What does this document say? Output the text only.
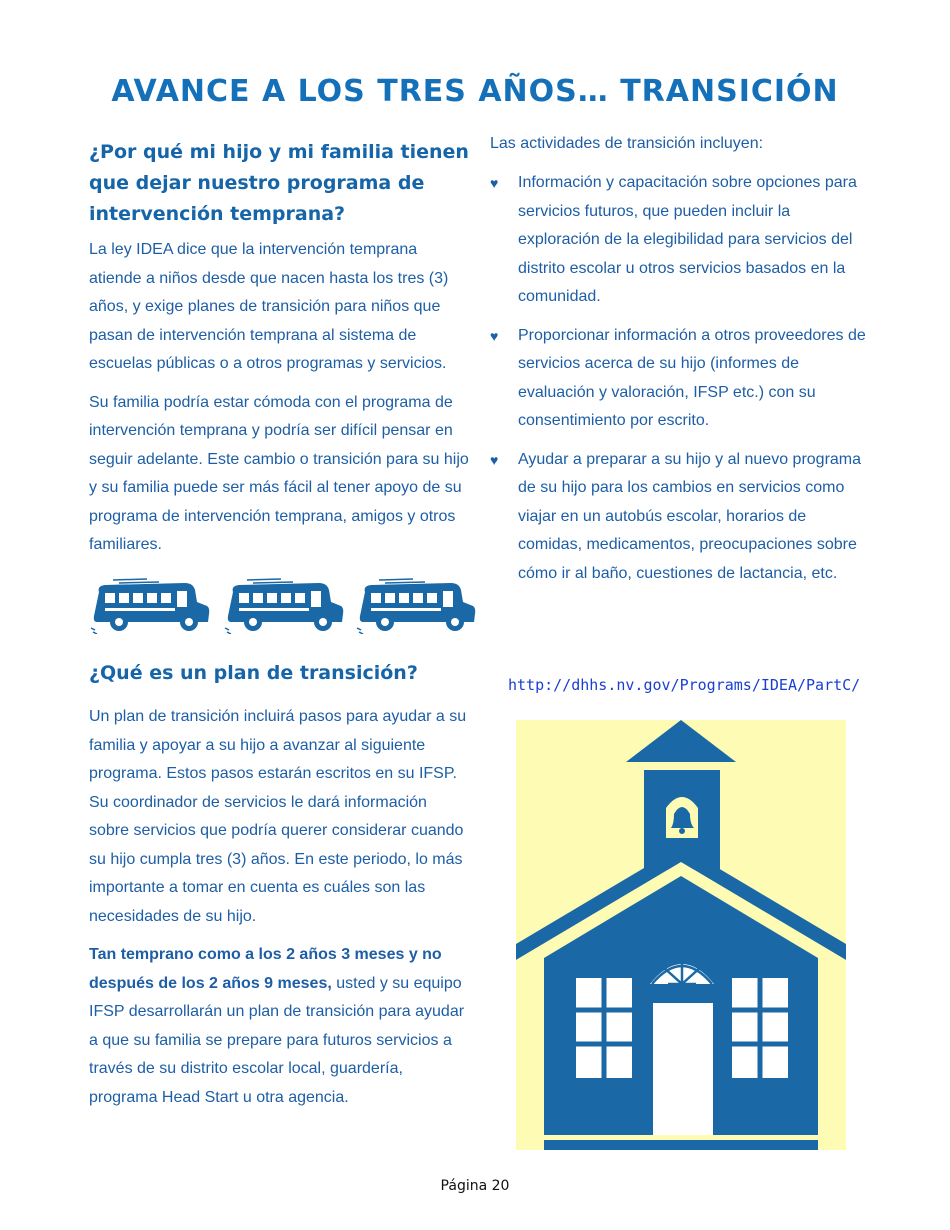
AVANCE A LOS TRES AÑOS… TRANSICIÓN
¿Por qué mi hijo y mi familia tienen que dejar nuestro programa de intervención temprana?

La ley IDEA dice que la intervención temprana atiende a niños desde que nacen hasta los tres (3) años, y exige planes de transición para niños que pasan de intervención temprana al sistema de escuelas públicas o a otros programas y servicios.

Su familia podría estar cómoda con el programa de intervención temprana y podría ser difícil pensar en seguir adelante. Este cambio o transición para su hijo y su familia puede ser más fácil al tener apoyo de su programa de intervención temprana, amigos y otros familiares.

¿Qué es un plan de transición?

Un plan de transición incluirá pasos para ayudar a su familia y apoyar a su hijo a avanzar al siguiente programa. Estos pasos estarán escritos en su IFSP. Su coordinador de servicios le dará información sobre servicios que podría querer considerar cuando su hijo cumpla tres (3) años. En este periodo, lo más importante a tomar en cuenta es cuáles son las necesidades de su hijo.

Tan temprano como a los 2 años 3 meses y no después de los 2 años 9 meses, usted y su equipo IFSP desarrollarán un plan de transición para ayudar a que su familia se prepare para futuros servicios a través de su distrito escolar local, guardería, programa Head Start u otra agencia.

Las actividades de transición incluyen:

♥ Información y capacitación sobre opciones para servicios futuros, que pueden incluir la exploración de la elegibilidad para servicios del distrito escolar u otros servicios basados en la comunidad.
♥ Proporcionar información a otros proveedores de servicios acerca de su hijo (informes de evaluación y valoración, IFSP etc.) con su consentimiento por escrito.
♥ Ayudar a preparar a su hijo y al nuevo programa de su hijo para los cambios en servicios como viajar en un autobús escolar, horarios de comidas, medicamentos, preocupaciones sobre cómo ir al baño, cuestiones de lactancia, etc.
http://dhhs.nv.gov/Programs/IDEA/PartC/
Página 20
